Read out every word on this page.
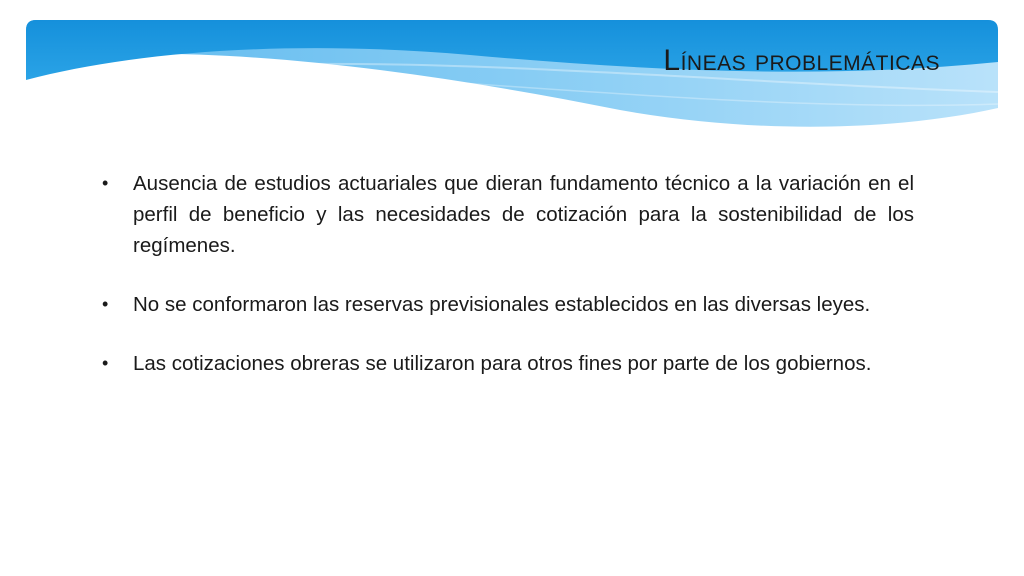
Líneas problemáticas
• Ausencia de estudios actuariales que dieran fundamento técnico a la variación en el perfil de beneficio y las necesidades de cotización para la sostenibilidad de los regímenes.
• No se conformaron las reservas previsionales establecidos en las diversas leyes.
• Las cotizaciones obreras se utilizaron para otros fines por parte de los gobiernos.
